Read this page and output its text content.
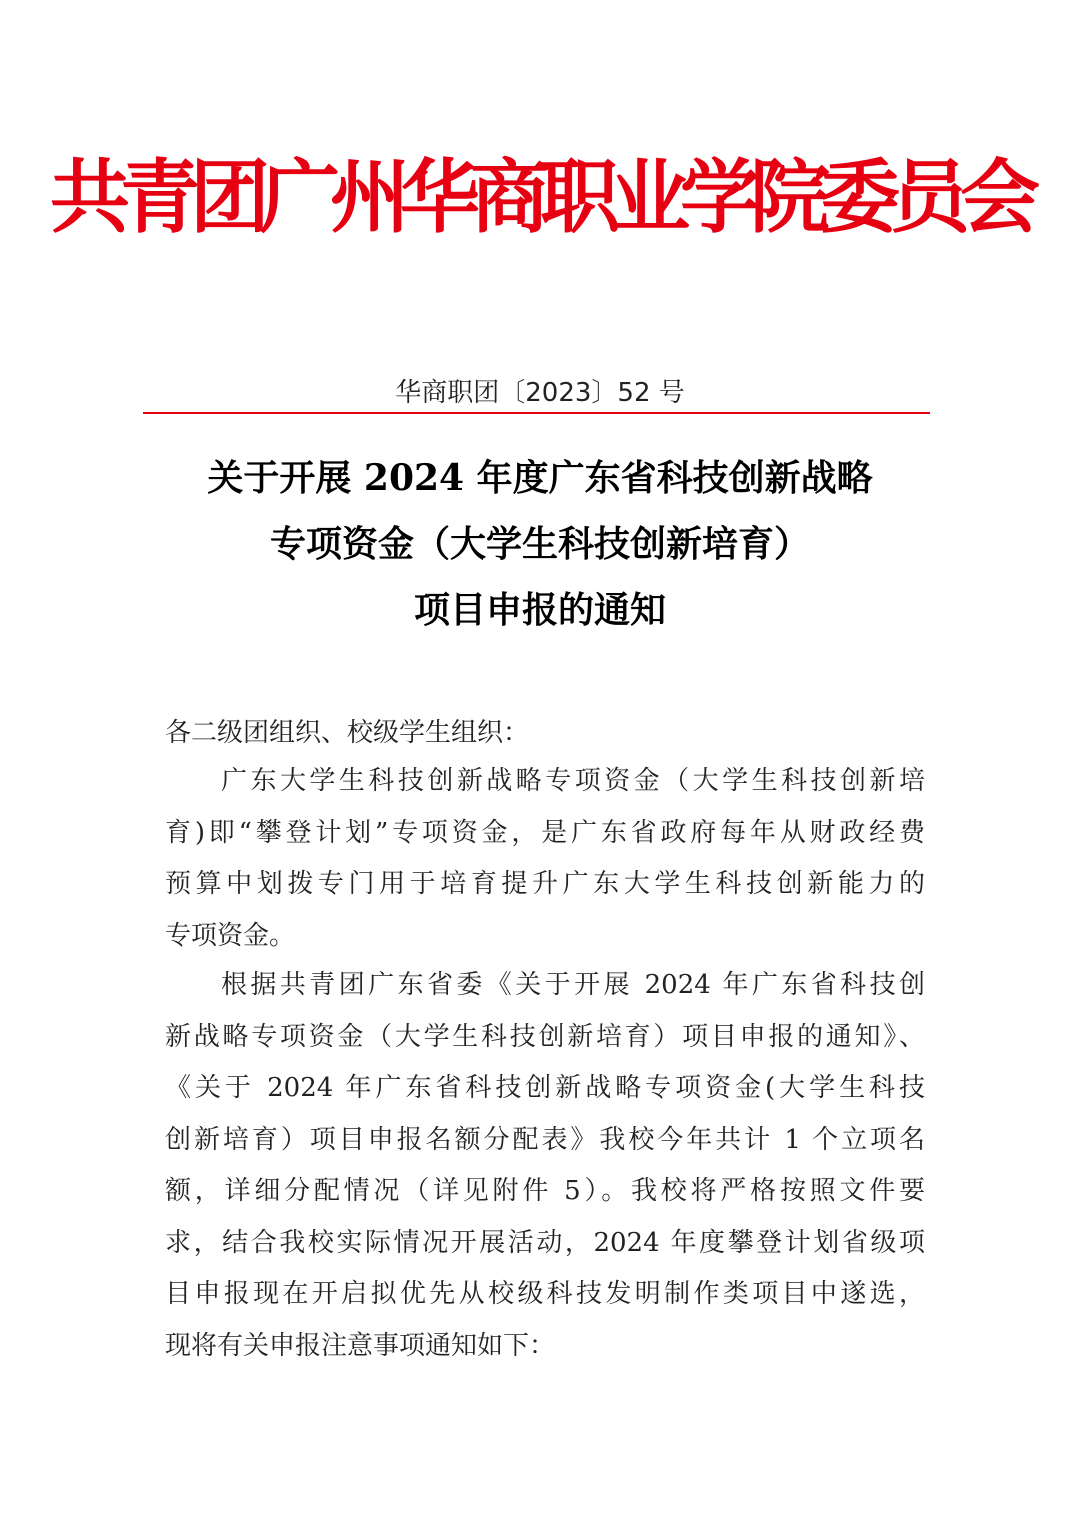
共青团广州华商职业学院委员会
华商职团〔2023〕52 号
关于开展 2024 年度广东省科技创新战略
专项资金（大学生科技创新培育）
项目申报的通知
各二级团组织、校级学生组织：
广东大学生科技创新战略专项资金（大学生科技创新培
育)即“攀登计划”专项资金，是广东省政府每年从财政经费
预算中划拨专门用于培育提升广东大学生科技创新能力的
专项资金。
根据共青团广东省委《关于开展 2024 年广东省科技创
新战略专项资金（大学生科技创新培育）项目申报的通知》、
《关于 2024 年广东省科技创新战略专项资金(大学生科技
创新培育）项目申报名额分配表》我校今年共计 1 个立项名
额，详细分配情况（详见附件 5）。我校将严格按照文件要
求，结合我校实际情况开展活动，2024 年度攀登计划省级项
目申报现在开启拟优先从校级科技发明制作类项目中遂选，
现将有关申报注意事项通知如下：
